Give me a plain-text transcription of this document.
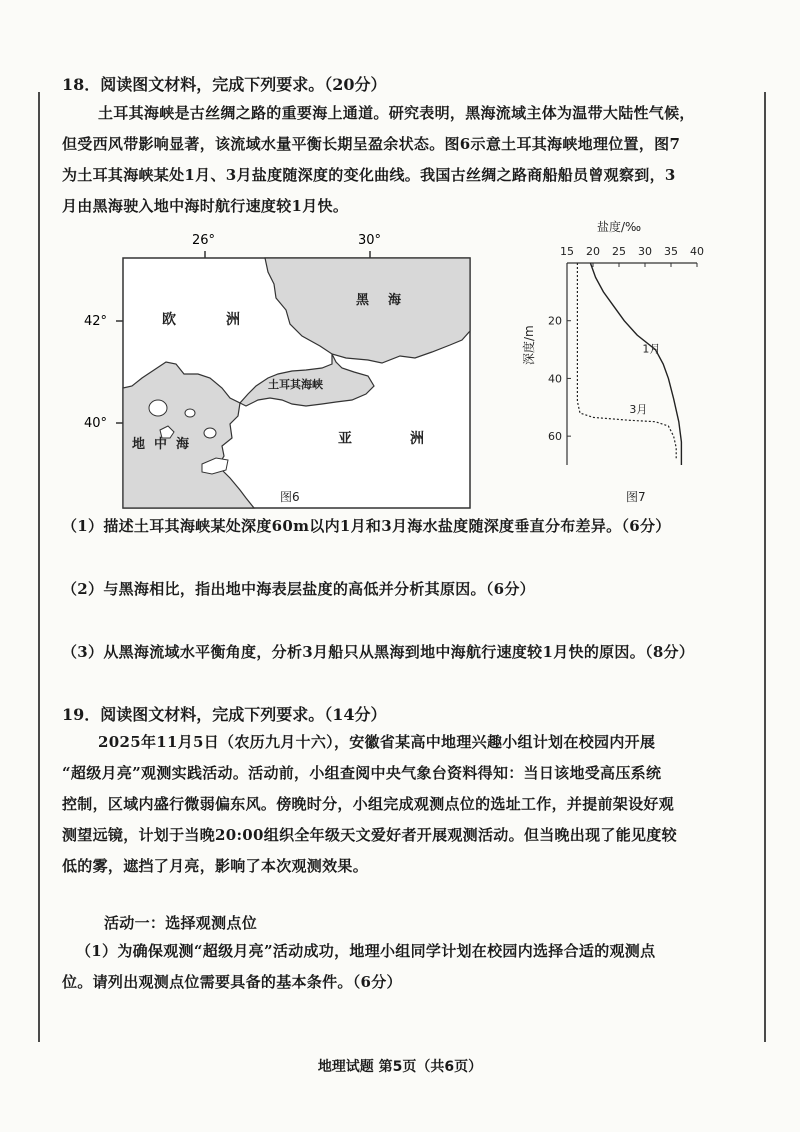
18．阅读图文材料，完成下列要求。（20分）
土耳其海峡是古丝绸之路的重要海上通道。研究表明，黑海流域主体为温带大陆性气候，
但受西风带影响显著，该流域水量平衡长期呈盈余状态。图6示意土耳其海峡地理位置，图7
为土耳其海峡某处1月、3月盐度随深度的变化曲线。我国古丝绸之路商船船员曾观察到，3
月由黑海驶入地中海时航行速度较1月快。
26°	30°
42°
40°
欧	洲
黑 海
土耳其海峡
地 中 海	亚	洲
图6
盐度/‰
深度/m
15 20 25 30 35 40
20
40
60
1月
3月
图7
（1）描述土耳其海峡某处深度60m以内1月和3月海水盐度随深度垂直分布差异。（6分）
（2）与黑海相比，指出地中海表层盐度的高低并分析其原因。（6分）
（3）从黑海流域水平衡角度，分析3月船只从黑海到地中海航行速度较1月快的原因。（8分）
19．阅读图文材料，完成下列要求。（14分）
2025年11月5日（农历九月十六），安徽省某高中地理兴趣小组计划在校园内开展
“超级月亮”观测实践活动。活动前，小组查阅中央气象台资料得知：当日该地受高压系统
控制，区域内盛行微弱偏东风。傍晚时分，小组完成观测点位的选址工作，并提前架设好观
测望远镜，计划于当晚20:00组织全年级天文爱好者开展观测活动。但当晚出现了能见度较
低的雾，遮挡了月亮，影响了本次观测效果。
活动一：选择观测点位
（1）为确保观测“超级月亮”活动成功，地理小组同学计划在校园内选择合适的观测点
位。请列出观测点位需要具备的基本条件。（6分）
地理试题 第5页（共6页）
